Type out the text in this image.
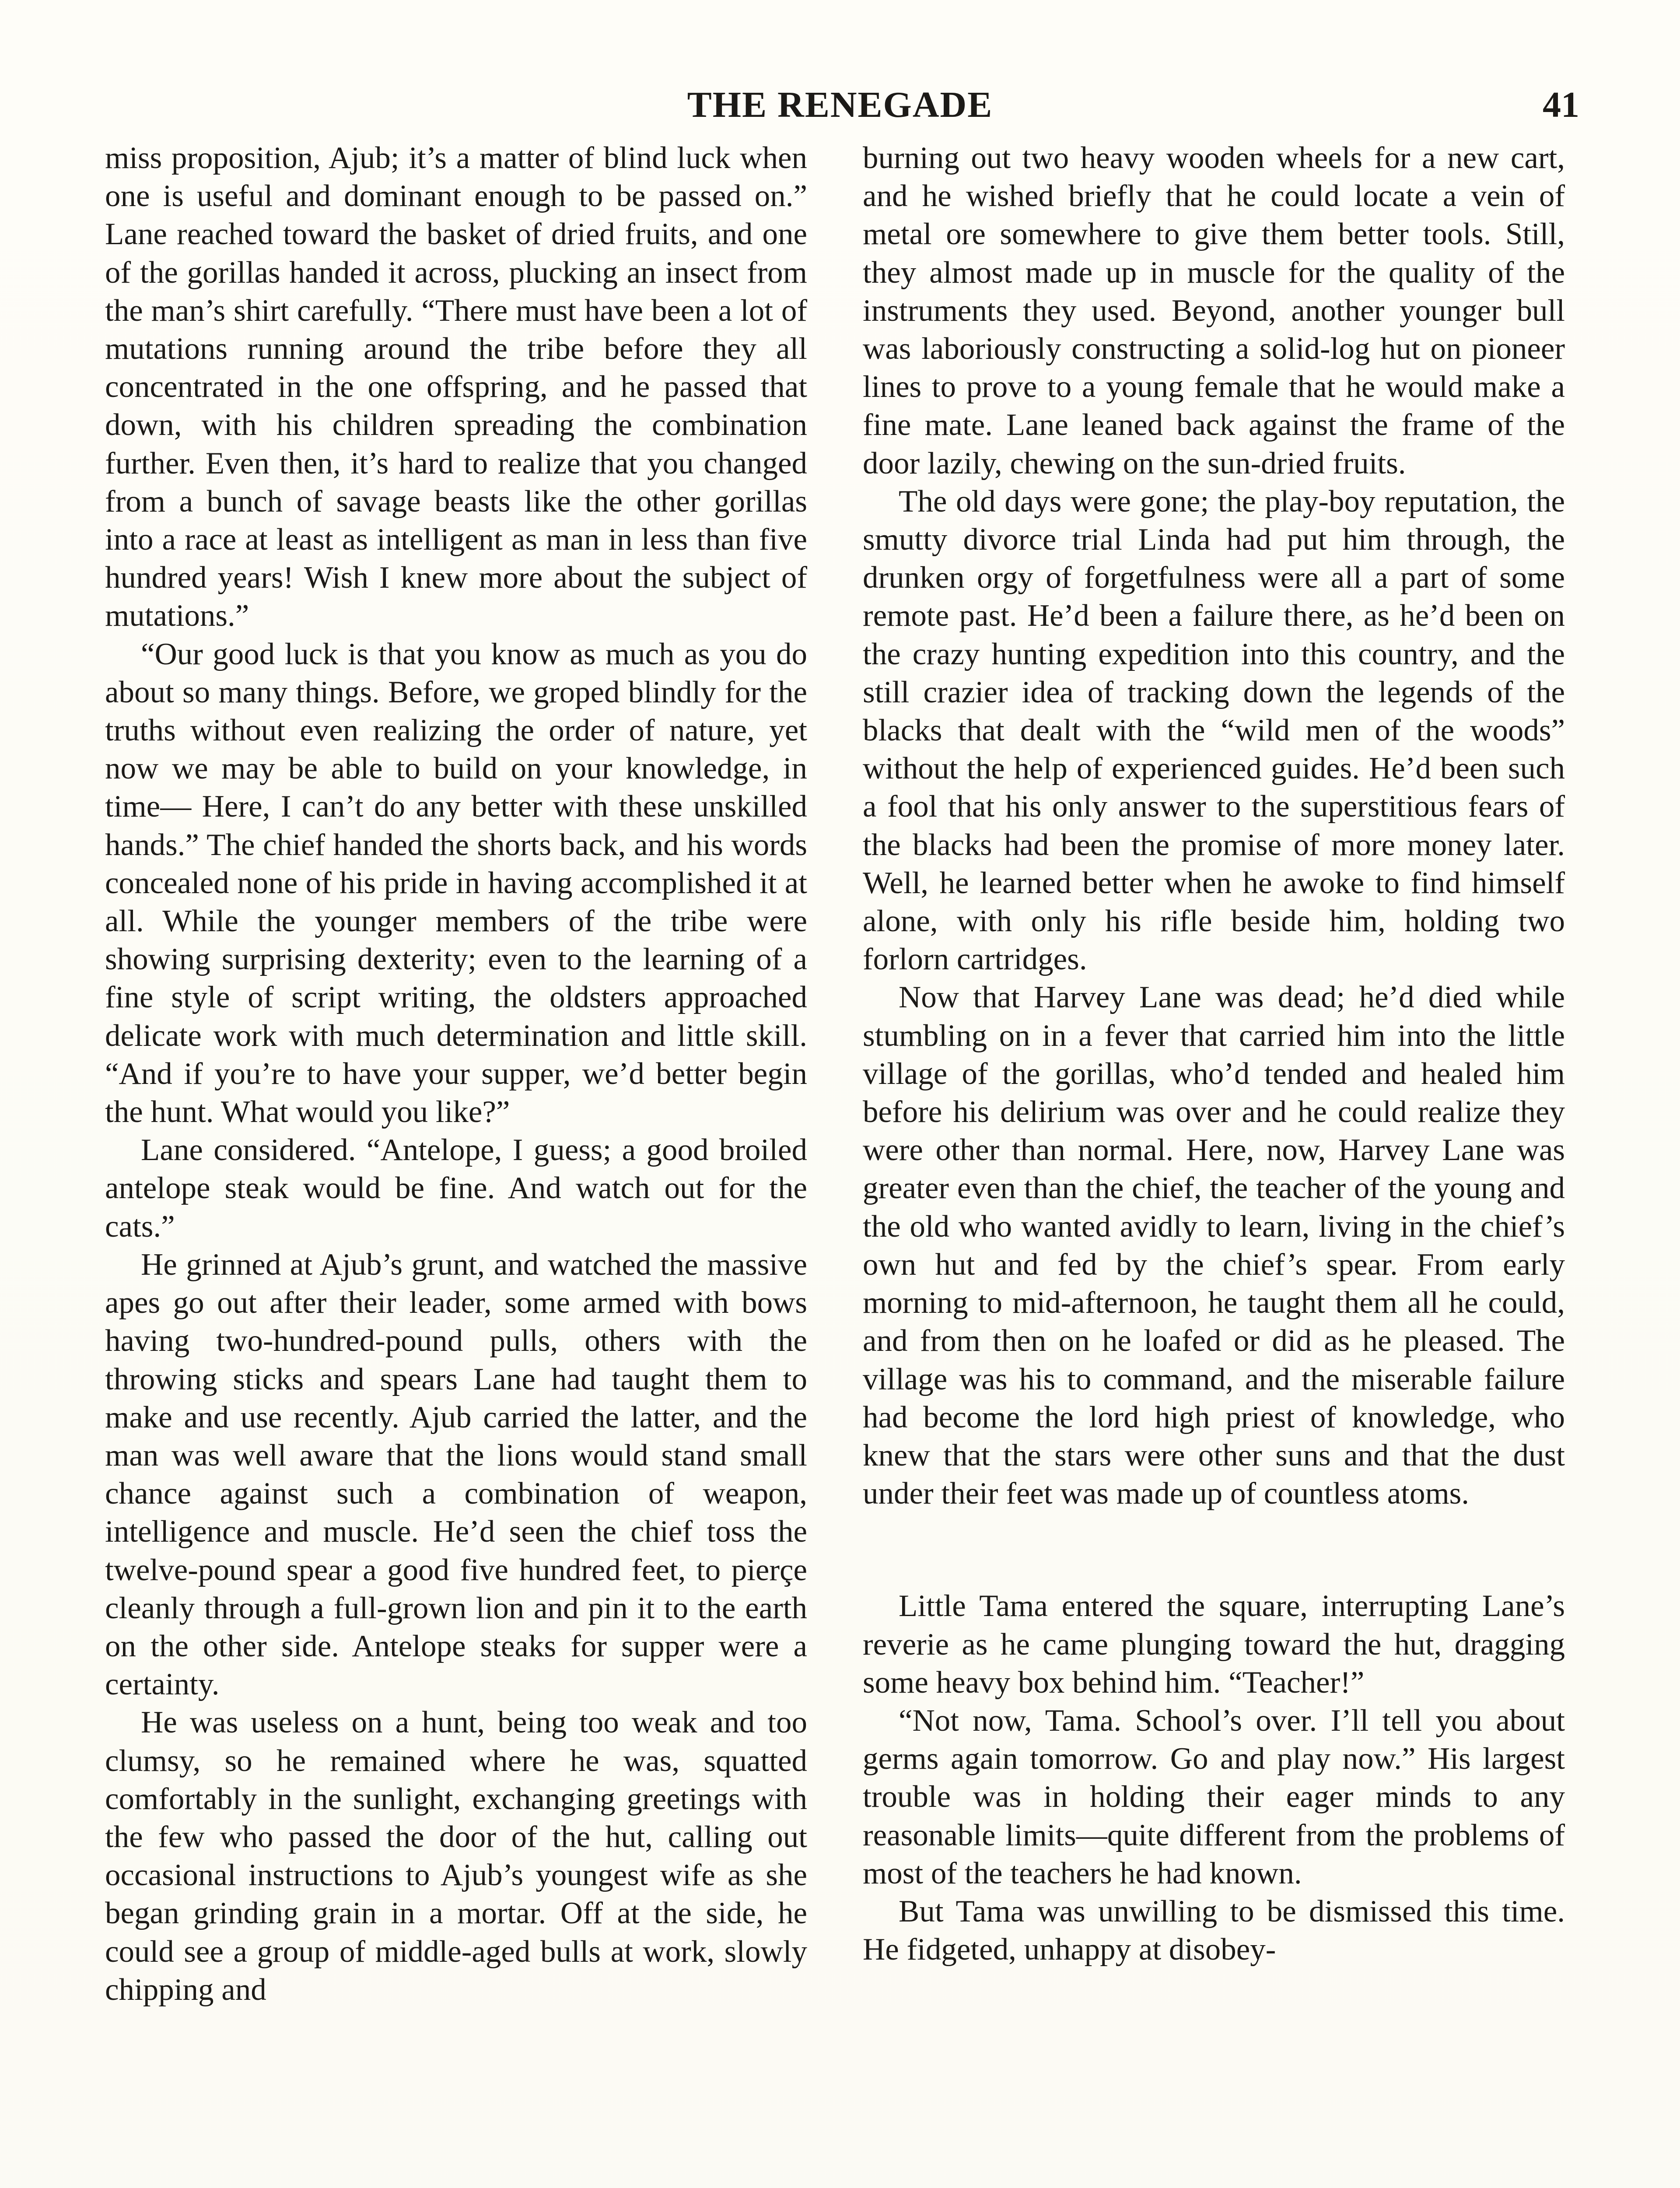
THE RENEGADE	41

miss proposition, Ajub; it’s a matter of blind luck when one is useful and dominant enough to be passed on.” Lane reached toward the basket of dried fruits, and one of the gorillas handed it across, plucking an insect from the man’s shirt carefully. “There must have been a lot of mutations running around the tribe before they all concentrated in the one offspring, and he passed that down, with his children spreading the combination further. Even then, it’s hard to realize that you changed from a bunch of savage beasts like the other gorillas into a race at least as intelligent as man in less than five hundred years! Wish I knew more about the subject of mutations.”

“Our good luck is that you know as much as you do about so many things. Before, we groped blindly for the truths without even realizing the order of nature, yet now we may be able to build on your knowledge, in time— Here, I can’t do any better with these unskilled hands.” The chief handed the shorts back, and his words concealed none of his pride in having accomplished it at all. While the younger members of the tribe were showing surprising dexterity; even to the learning of a fine style of script writing, the oldsters approached delicate work with much determination and little skill. “And if you’re to have your supper, we’d better begin the hunt. What would you like?”

Lane considered. “Antelope, I guess; a good broiled antelope steak would be fine. And watch out for the cats.”

He grinned at Ajub’s grunt, and watched the massive apes go out after their leader, some armed with bows having two-hundred-pound pulls, others with the throwing sticks and spears Lane had taught them to make and use recently. Ajub carried the latter, and the man was well aware that the lions would stand small chance against such a combination of weapon, intelligence and muscle. He’d seen the chief toss the twelve-pound spear a good five hundred feet, to pierçe cleanly through a full-grown lion and pin it to the earth on the other side. Antelope steaks for supper were a certainty.

He was useless on a hunt, being too weak and too clumsy, so he remained where he was, squatted comfortably in the sunlight, exchanging greetings with the few who passed the door of the hut, calling out occasional instructions to Ajub’s youngest wife as she began grinding grain in a mortar. Off at the side, he could see a group of middle-aged bulls at work, slowly chipping and

burning out two heavy wooden wheels for a new cart, and he wished briefly that he could locate a vein of metal ore somewhere to give them better tools. Still, they almost made up in muscle for the quality of the instruments they used. Beyond, another younger bull was laboriously constructing a solid-log hut on pioneer lines to prove to a young female that he would make a fine mate. Lane leaned back against the frame of the door lazily, chewing on the sun-dried fruits.

The old days were gone; the play-boy reputation, the smutty divorce trial Linda had put him through, the drunken orgy of forgetfulness were all a part of some remote past. He’d been a failure there, as he’d been on the crazy hunting expedition into this country, and the still crazier idea of tracking down the legends of the blacks that dealt with the “wild men of the woods” without the help of experienced guides. He’d been such a fool that his only answer to the superstitious fears of the blacks had been the promise of more money later. Well, he learned better when he awoke to find himself alone, with only his rifle beside him, holding two forlorn cartridges.

Now that Harvey Lane was dead; he’d died while stumbling on in a fever that carried him into the little village of the gorillas, who’d tended and healed him before his delirium was over and he could realize they were other than normal. Here, now, Harvey Lane was greater even than the chief, the teacher of the young and the old who wanted avidly to learn, living in the chief’s own hut and fed by the chief’s spear. From early morning to mid-afternoon, he taught them all he could, and from then on he loafed or did as he pleased. The village was his to command, and the miserable failure had become the lord high priest of knowledge, who knew that the stars were other suns and that the dust under their feet was made up of countless atoms.

Little Tama entered the square, interrupting Lane’s reverie as he came plunging toward the hut, dragging some heavy box behind him. “Teacher!”

“Not now, Tama. School’s over. I’ll tell you about germs again tomorrow. Go and play now.” His largest trouble was in holding their eager minds to any reasonable limits—quite different from the problems of most of the teachers he had known.

But Tama was unwilling to be dismissed this time. He fidgeted, unhappy at disobey-
